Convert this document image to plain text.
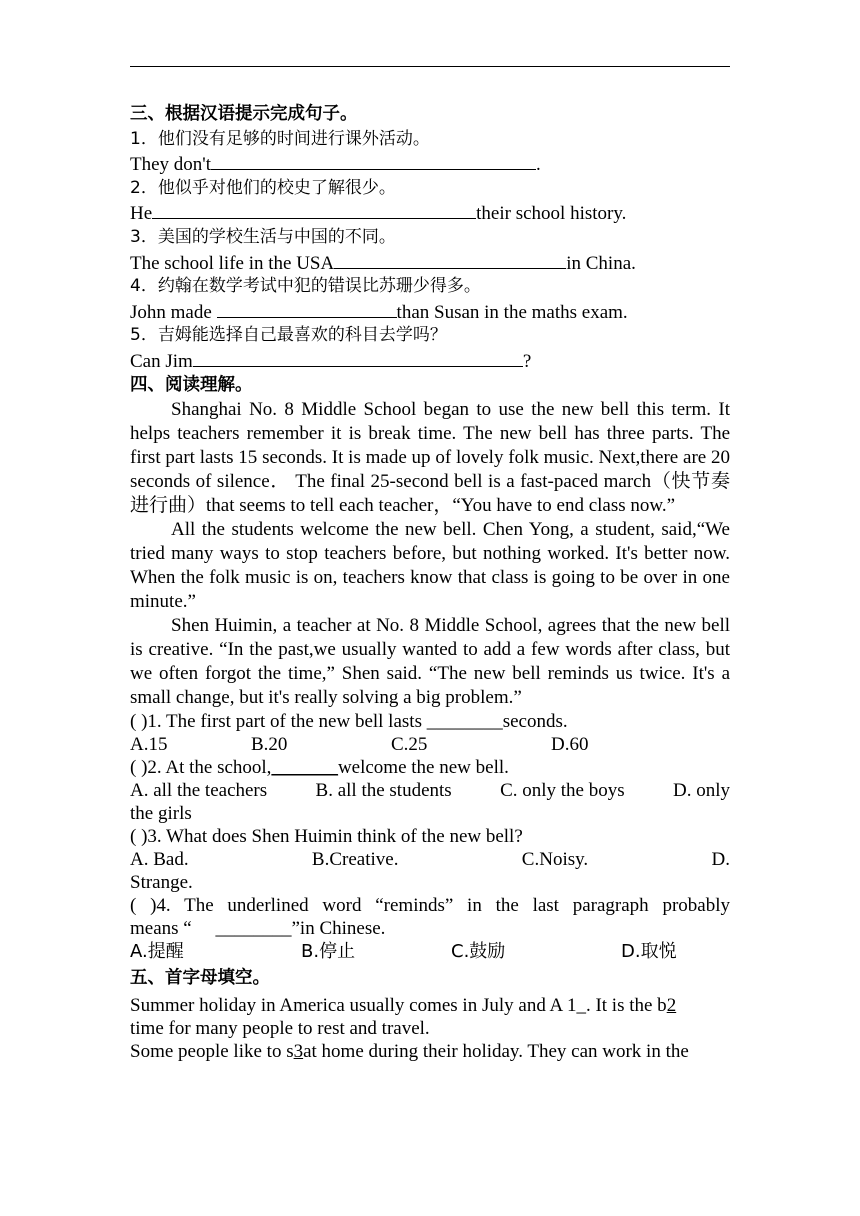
三、根据汉语提示完成句子。
1．他们没有足够的时间进行课外活动。
They don't	.
2．他似乎对他们的校史了解很少。
He	their school history.
3．美国的学校生活与中国的不同。
The school life in the USA	in China.
4．约翰在数学考试中犯的错误比苏珊少得多。
John made	than Susan in the maths exam.
5．吉姆能选择自己最喜欢的科目去学吗？
Can Jim	?
四、阅读理解。

Shanghai No. 8 Middle School began to use the new bell this term. It helps teachers remember it is break time. The new bell has three parts. The first part lasts 15 seconds. It is made up of lovely folk music. Next,there are 20 seconds of silence． The final 25-second bell is a fast-paced march（快节奏进行曲）that seems to tell each teacher，“You have to end class now.”

All the students welcome the new bell. Chen Yong, a student, said,“We tried many ways to stop teachers before, but nothing worked. It's better now. When the folk music is on, teachers know that class is going to be over in one minute.”

Shen Huimin, a teacher at No. 8 Middle School, agrees that the new bell is creative. “In the past,we usually wanted to add a few words after class, but we often forgot the time,” Shen said. “The new bell reminds us twice. It's a small change, but it's really solving a big problem.”

( )1. The first part of the new bell lasts ________seconds.
A.15	B.20	C.25	D.60
( )2. At the school,_______welcome the new bell.
A. all the teachers	B. all the students	C. only the boys	D. only
the girls
( )3. What does Shen Huimin think of the new bell?
A. Bad.	B.Creative.	C.Noisy.	D.
Strange.
( )4. The underlined word “reminds” in the last paragraph probably
means “     ________”in Chinese.
A.提醒	B.停止	C.鼓励	D.取悦
五、首字母填空。
Summer holiday in America usually comes in July and A 1_. It is the b2
time for many people to rest and travel.
Some people like to s3at home during their holiday. They can work in the
